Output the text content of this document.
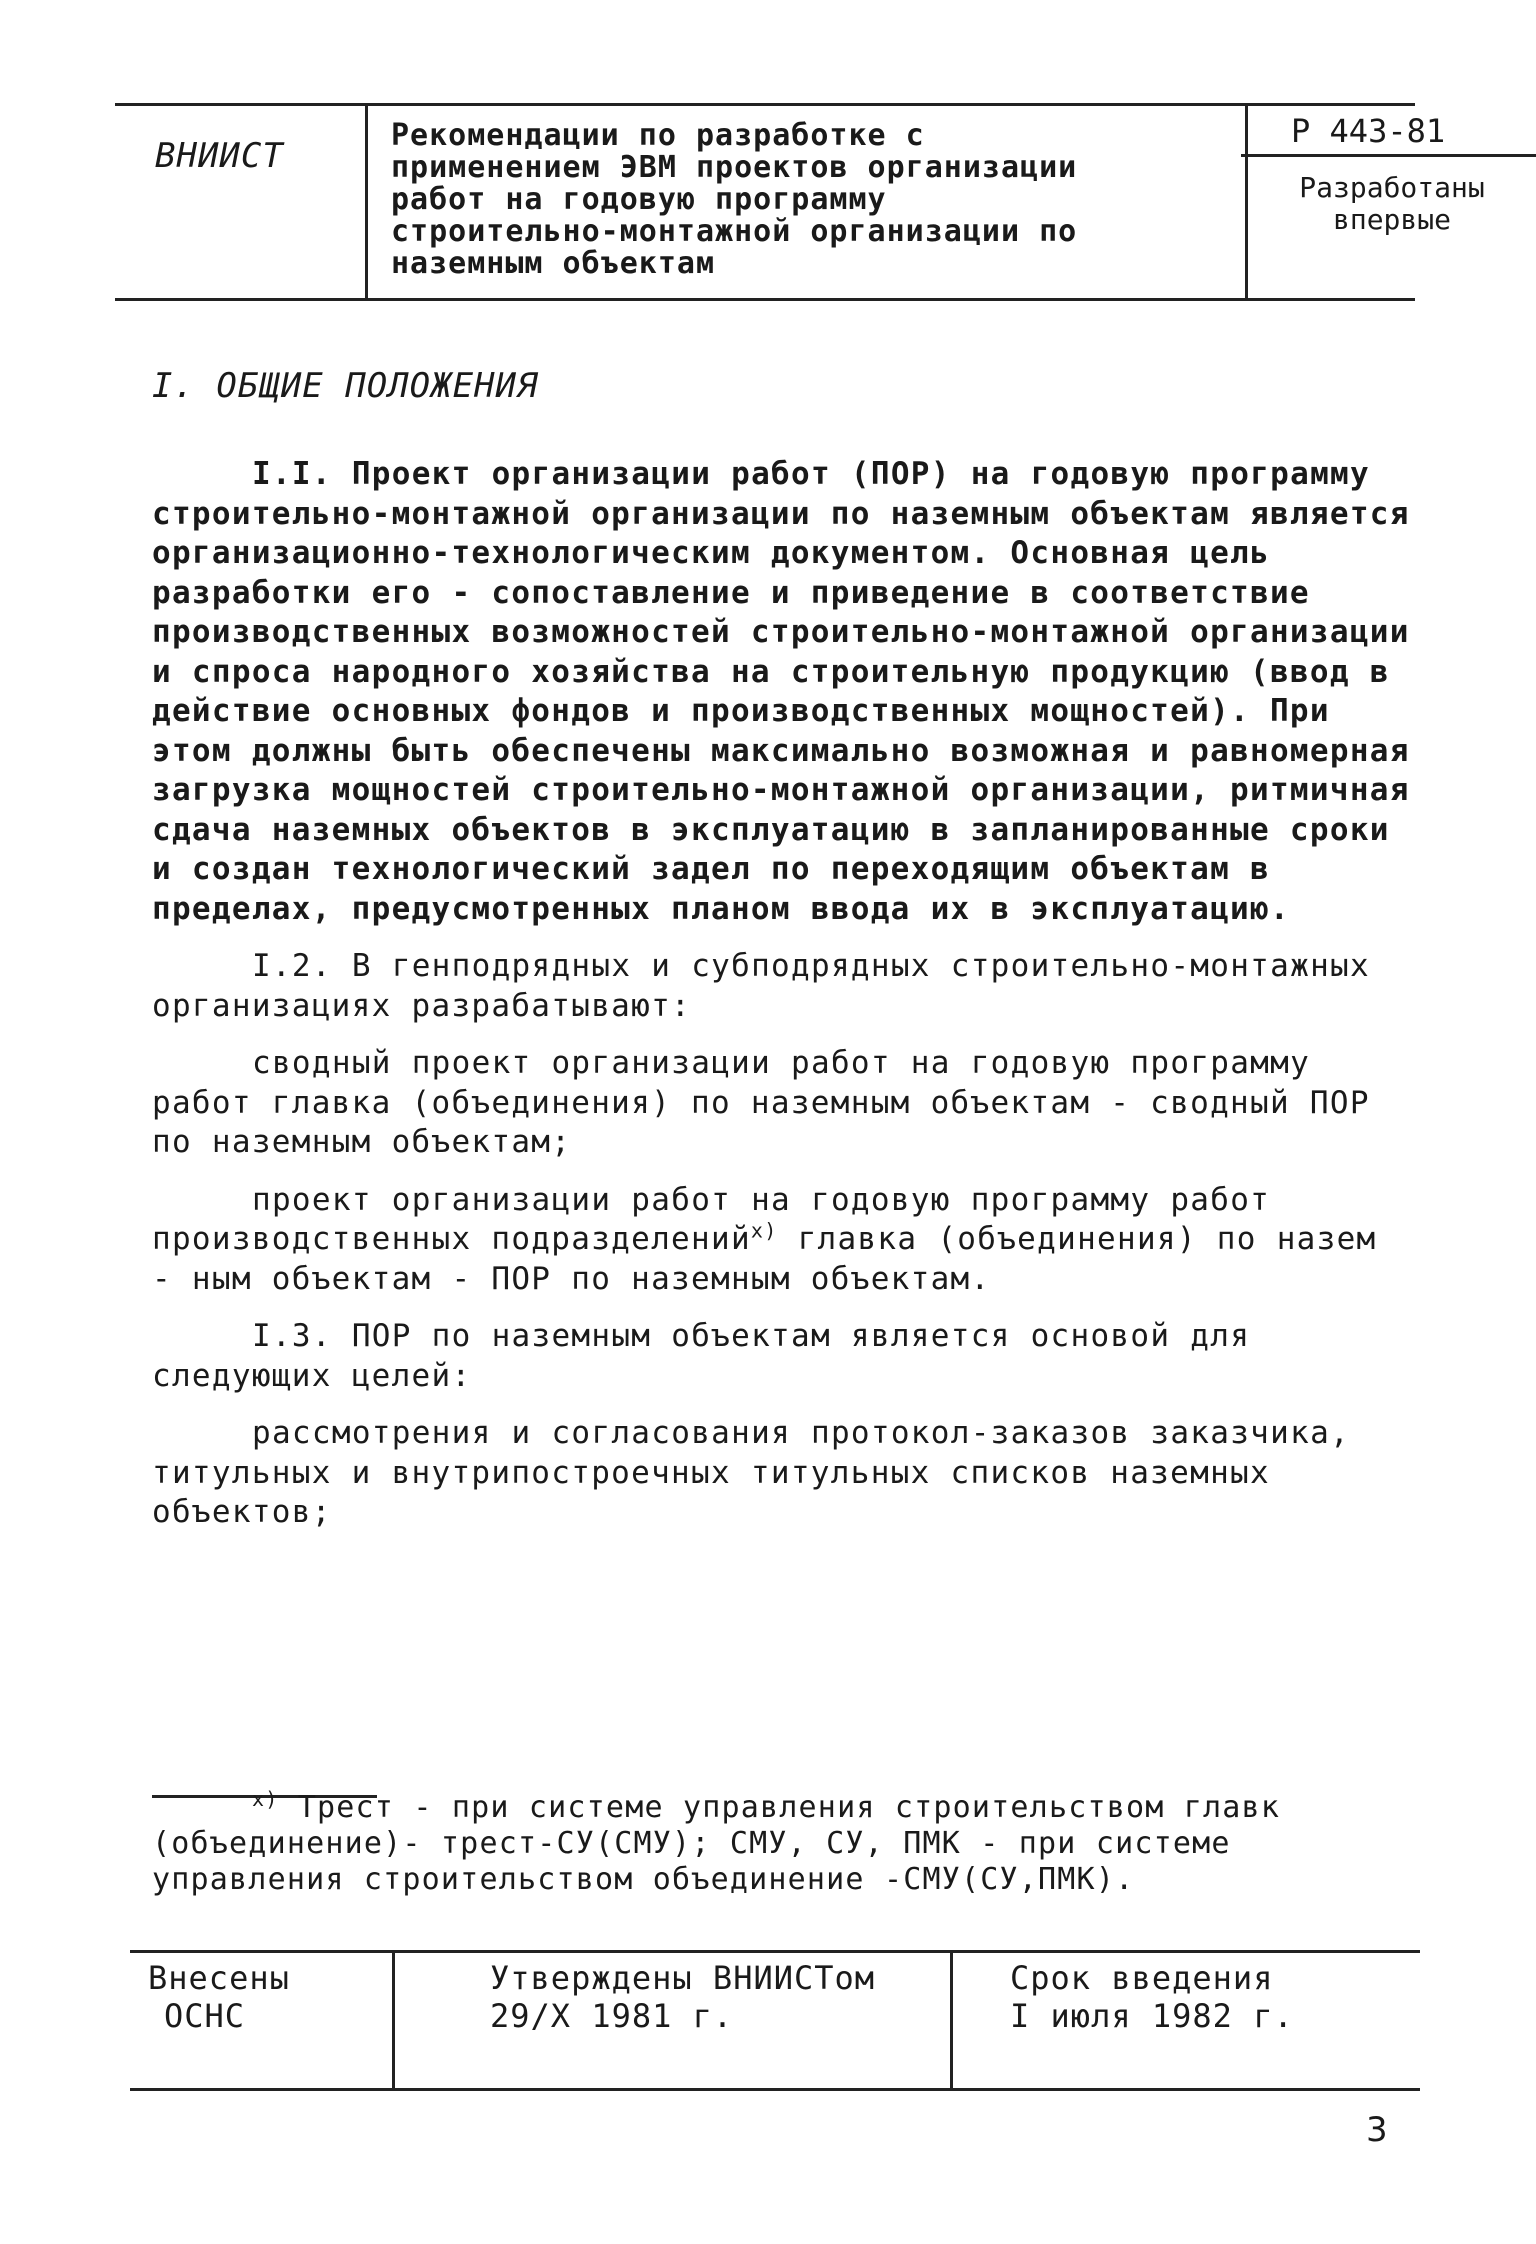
ВНИИСТ

Рекомендации по разработке с применением ЭВМ проектов организации работ на годовую программу строительно-монтажной организации по наземным объектам

Р 443-81
Разработаны
впервые
I. ОБЩИЕ ПОЛОЖЕНИЯ

I.I. Проект организации работ (ПОР) на годовую программу строительно-монтажной организации по наземным объектам является организационно-технологическим документом. Основная цель разработки его - сопоставление и приведение в соответствие производственных возможностей строительно-монтажной организации и спроса народного хозяйства на строительную продукцию (ввод в действие основных фондов и производственных мощностей). При этом должны быть обеспечены максимально возможная и равномерная загрузка мощностей строительно-монтажной организации, ритмичная сдача наземных объектов в эксплуатацию в запланированные сроки и создан технологический задел по переходящим объектам в пределах, предусмотренных планом ввода их в эксплуатацию.

I.2. В генподрядных и субподрядных строительно-монтажных организациях разрабатывают:

сводный проект организации работ на годовую программу работ главка (объединения) по наземным объектам - сводный ПОР по наземным объектам;

проект организации работ на годовую программу работ производственных подразделений$^{x)}$ главка (объединения) по назем - ным объектам - ПОР по наземным объектам.

I.3. ПОР по наземным объектам является основой для следующих целей:

рассмотрения и согласования протокол-заказов заказчика, титульных и внутрипостроечных титульных списков наземных объектов;

$^{x)}$ Трест - при системе управления строительством главк (объединение)- трест-СУ(СМУ); СМУ, СУ, ПМК - при системе управления строительством объединение -СМУ(СУ,ПМК).

Внесены
ОСНС
Утверждены ВНИИСТом
29/X 1981 г.
Срок введения
I июля 1982 г.
3
